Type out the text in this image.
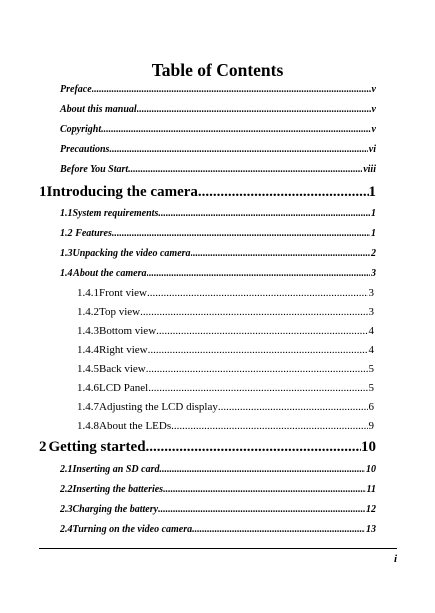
Table of Contents
Preface .....	v
About this manual .....	v
Copyright .....	v
Precautions .....	vi
Before You Start .....	viii
1 Introducing the camera .....	1
1.1 System requirements .....	1
1.2 Features .....	1
1.3 Unpacking the video camera .....	2
1.4 About the camera .....	3
1.4.1 Front view .....	3
1.4.2 Top view .....	3
1.4.3 Bottom view .....	4
1.4.4 Right view .....	4
1.4.5 Back view .....	5
1.4.6 LCD Panel .....	5
1.4.7 Adjusting the LCD display .....	6
1.4.8 About the LEDs .....	9
2 Getting started .....	10
2.1 Inserting an SD card .....	10
2.2 Inserting the batteries .....	11
2.3 Charging the battery .....	12
2.4 Turning on the video camera .....	13
i
